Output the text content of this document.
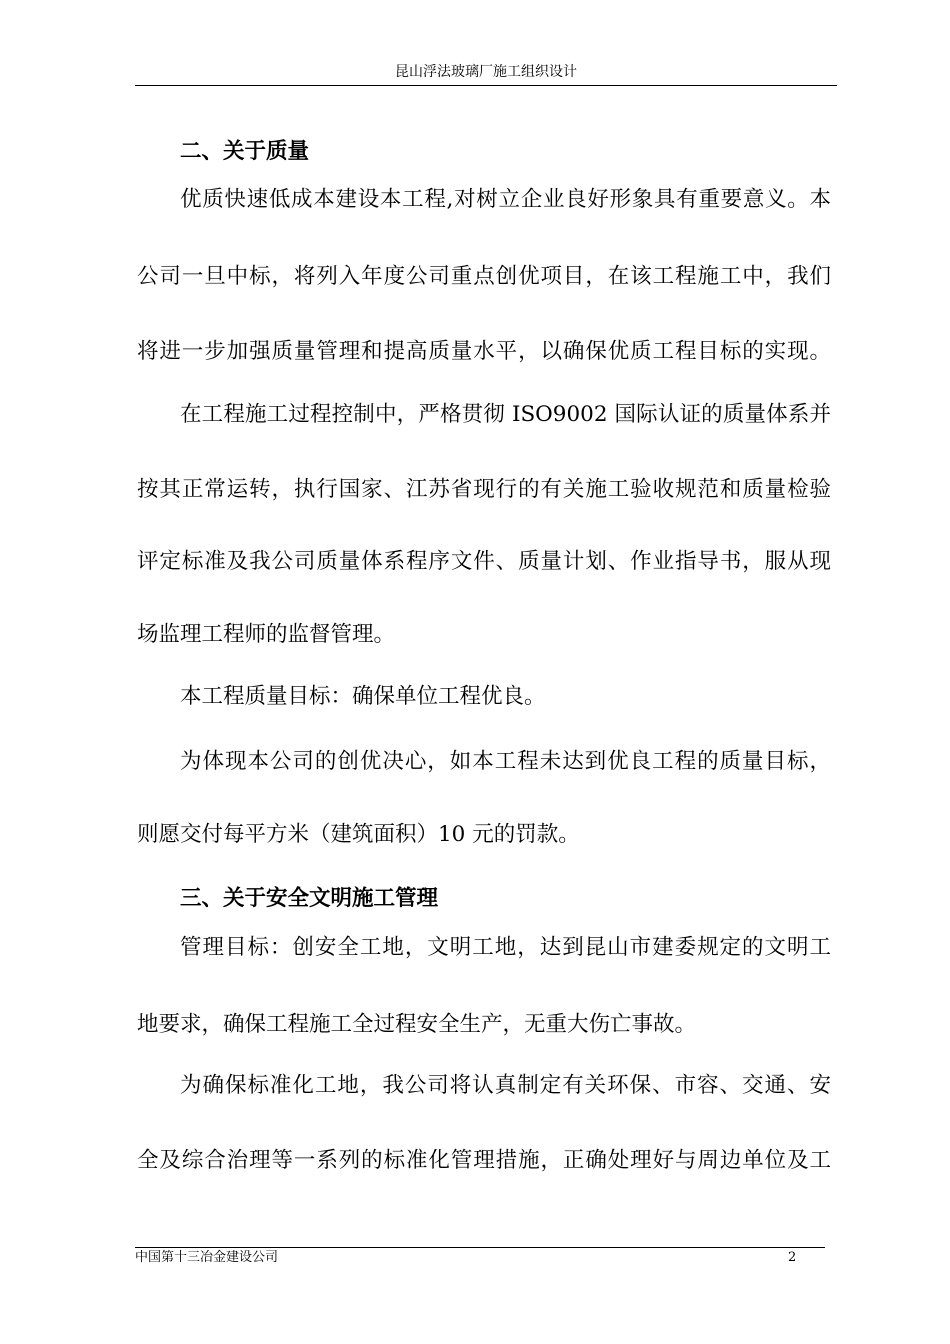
昆山浮法玻璃厂施工组织设计
二、关于质量
优质快速低成本建设本工程,对树立企业良好形象具有重要意义。本
公司一旦中标，将列入年度公司重点创优项目，在该工程施工中，我们
将进一步加强质量管理和提高质量水平，以确保优质工程目标的实现。
在工程施工过程控制中，严格贯彻 ISO9002 国际认证的质量体系并
按其正常运转，执行国家、江苏省现行的有关施工验收规范和质量检验
评定标准及我公司质量体系程序文件、质量计划、作业指导书，服从现
场监理工程师的监督管理。
本工程质量目标：确保单位工程优良。
为体现本公司的创优决心，如本工程未达到优良工程的质量目标，
则愿交付每平方米（建筑面积）10 元的罚款。
三、关于安全文明施工管理
管理目标：创安全工地，文明工地，达到昆山市建委规定的文明工
地要求，确保工程施工全过程安全生产，无重大伤亡事故。
为确保标准化工地，我公司将认真制定有关环保、市容、交通、安
全及综合治理等一系列的标准化管理措施，正确处理好与周边单位及工
中国第十三冶金建设公司	2
